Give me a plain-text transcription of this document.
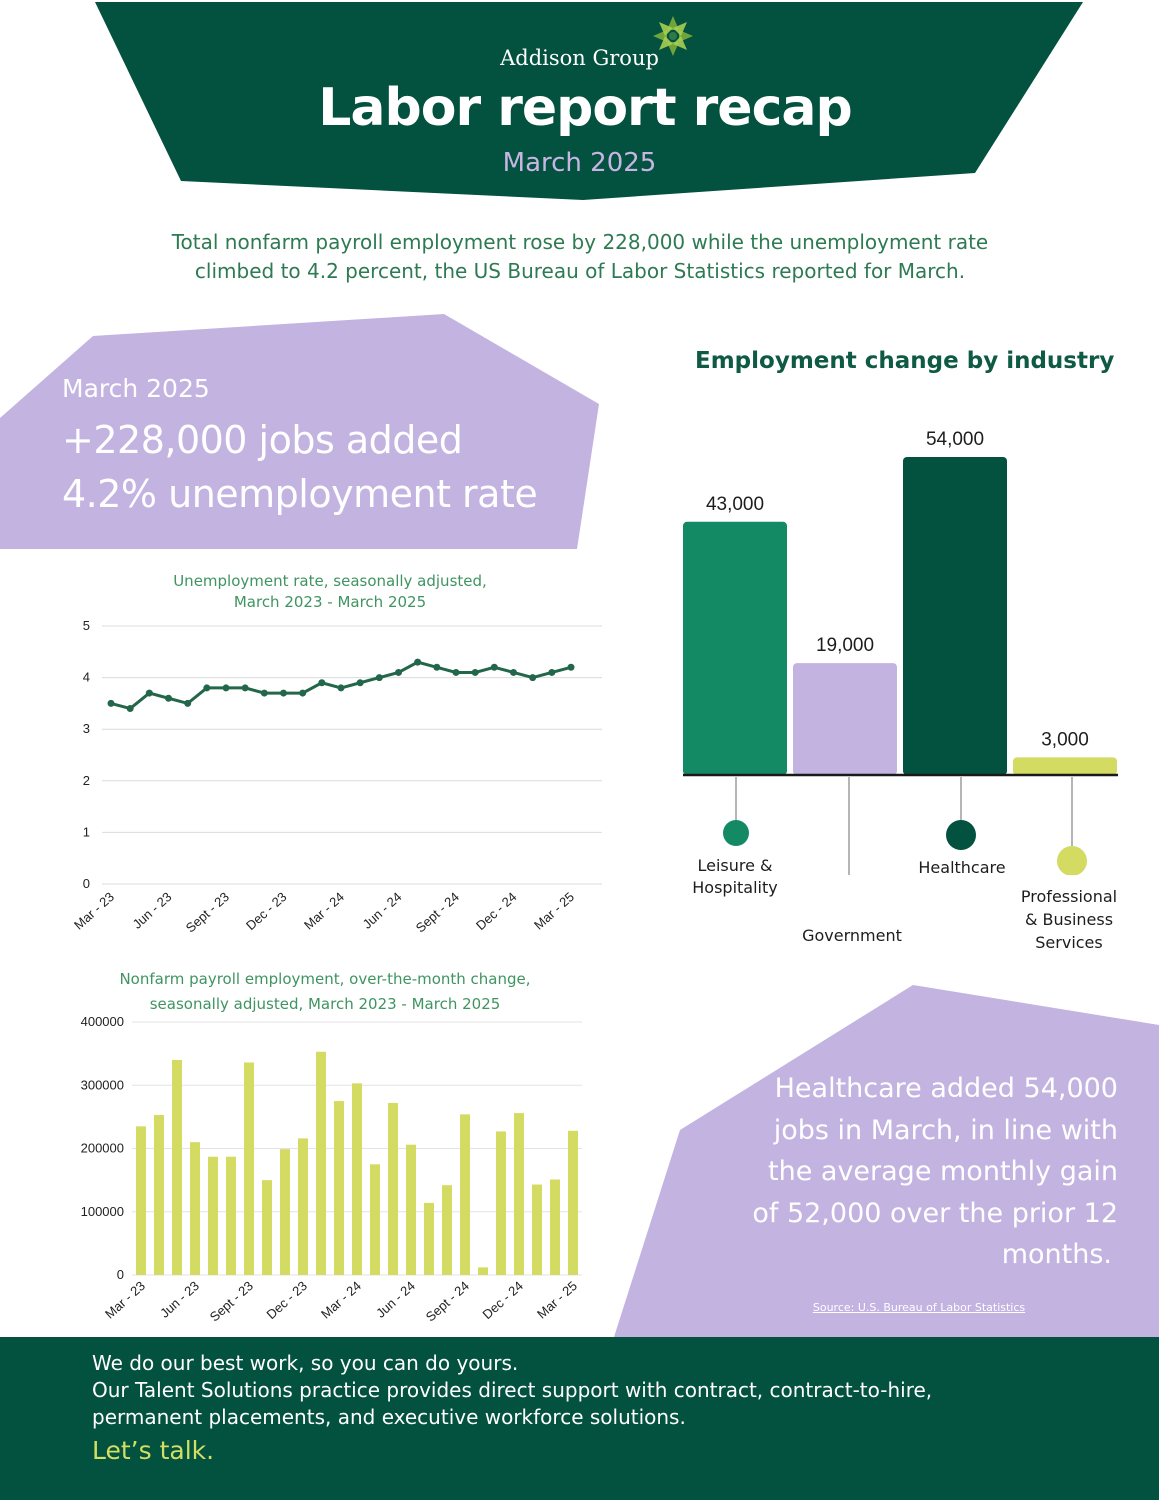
Addison Group
Labor report recap
March 2025
Total nonfarm payroll employment rose by 228,000 while the unemployment rate
climbed to 4.2 percent, the US Bureau of Labor Statistics reported for March.
March 2025
+228,000 jobs added
4.2% unemployment rate
Unemployment rate, seasonally adjusted,
March 2023 - March 2025
0
1
2
3
4
5
Mar - 23 Jun - 23 Sept - 23 Dec - 23 Mar - 24 Jun - 24 Sept - 24 Dec - 24 Mar - 25
Nonfarm payroll employment, over-the-month change,
seasonally adjusted, March 2023 - March 2025
0
100000
200000
300000
400000
Mar - 23 Jun - 23 Sept - 23 Dec - 23 Mar - 24 Jun - 24 Sept - 24 Dec - 24 Mar - 25
Employment change by industry
43,000
19,000
54,000
3,000
Leisure &
Hospitality
Government
Healthcare
Professional
& Business
Services
Healthcare added 54,000
jobs in March, in line with
the average monthly gain
of 52,000 over the prior 12
months.
Source: U.S. Bureau of Labor Statistics
We do our best work, so you can do yours.
Our Talent Solutions practice provides direct support with contract, contract-to-hire,
permanent placements, and executive workforce solutions.
Let’s talk.
